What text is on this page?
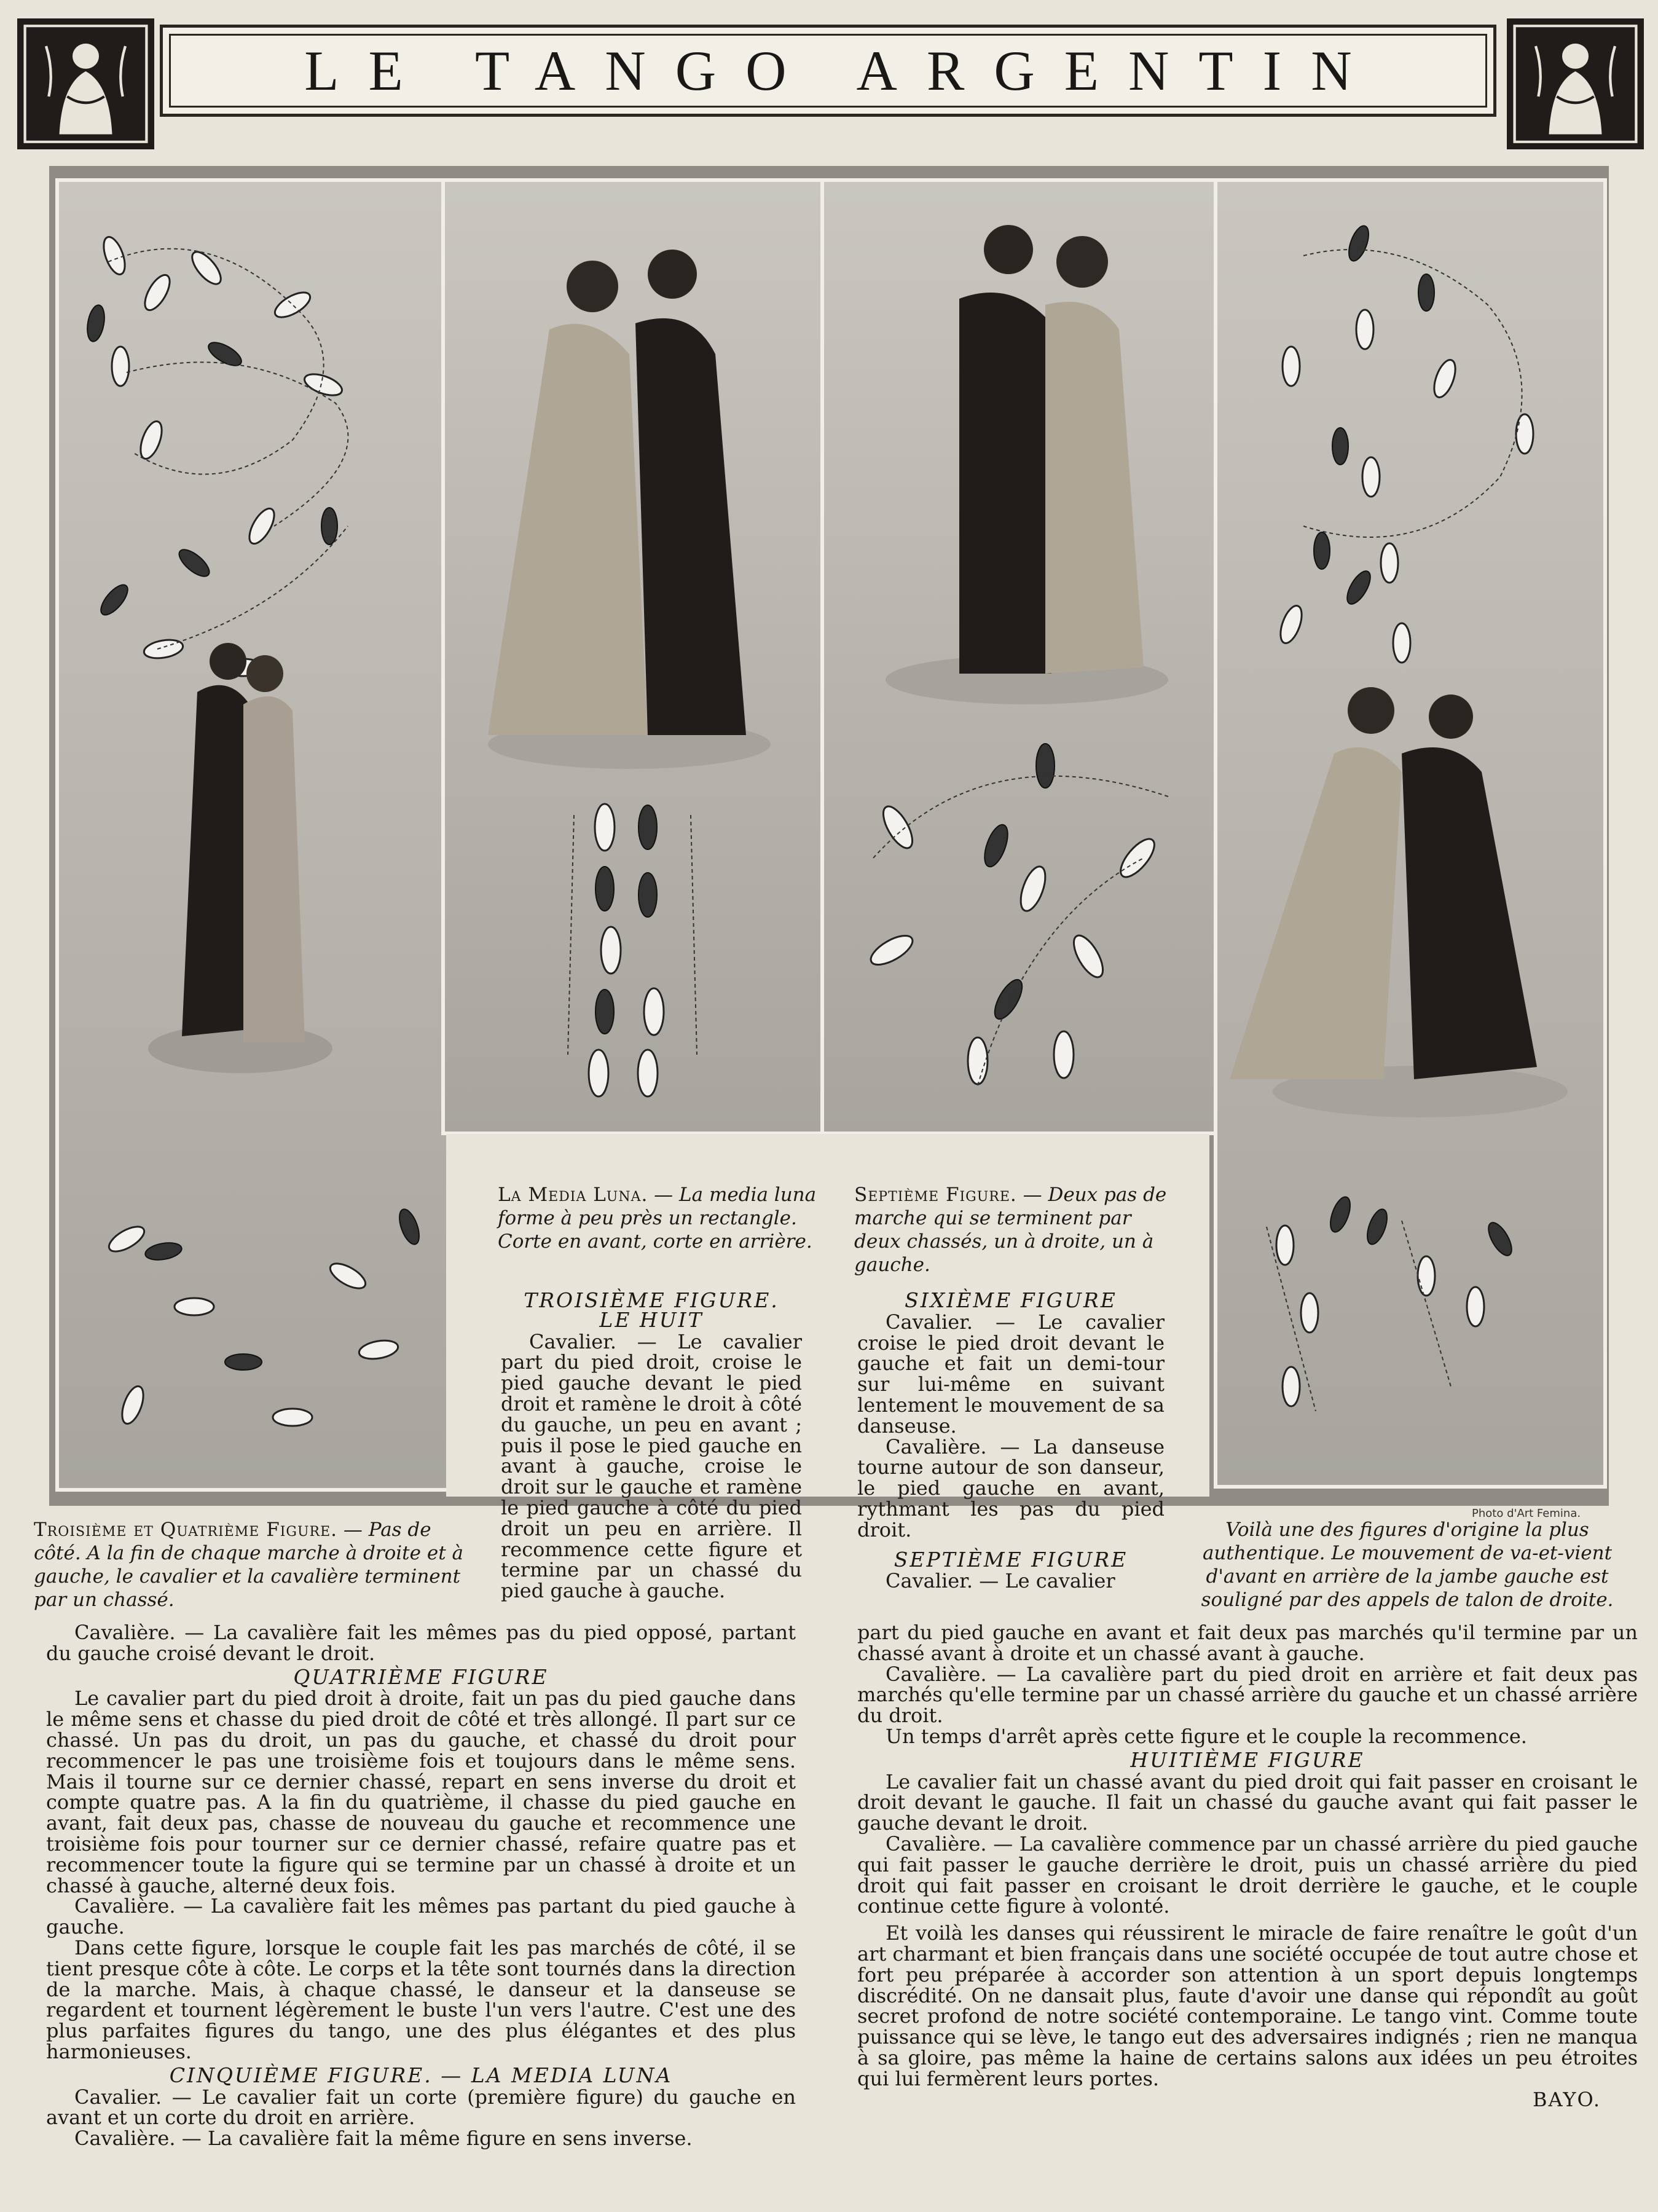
LE TANGO ARGENTIN
La Media Luna. — La media luna forme à peu près un rectangle. Corte en avant, corte en arrière.
Septième Figure. — Deux pas de marche qui se terminent par deux chassés, un à droite, un à gauche.
TROISIÈME FIGURE.
LE HUIT

Cavalier. — Le cavalier part du pied droit, croise le pied gauche devant le pied droit et ramène le droit à côté du gauche, un peu en avant ; puis il pose le pied gauche en avant à gauche, croise le droit sur le gauche et ramène le pied gauche à côté du pied droit un peu en arrière. Il recommence cette figure et termine par un chassé du pied gauche à gauche.

SIXIÈME FIGURE

Cavalier. — Le cavalier croise le pied droit devant le gauche et fait un demi-tour sur lui-même en suivant lentement le mouvement de sa danseuse.

Cavalière. — La danseuse tourne autour de son danseur, le pied gauche en avant, rythmant les pas du pied droit.

SEPTIÈME FIGURE

Cavalier. — Le cavalier

Troisième et Quatrième Figure. — Pas de côté. A la fin de chaque marche à droite et à gauche, le cavalier et la cavalière terminent par un chassé.
Photo d'Art Femina.
Voilà une des figures d'origine la plus authentique. Le mouvement de va-et-vient d'avant en arrière de la jambe gauche est souligné par des appels de talon de droite.

Cavalière. — La cavalière fait les mêmes pas du pied opposé, partant du gauche croisé devant le droit.

QUATRIÈME FIGURE

Le cavalier part du pied droit à droite, fait un pas du pied gauche dans le même sens et chasse du pied droit de côté et très allongé. Il part sur ce chassé. Un pas du droit, un pas du gauche, et chassé du droit pour recommencer le pas une troisième fois et toujours dans le même sens. Mais il tourne sur ce dernier chassé, repart en sens inverse du droit et compte quatre pas. A la fin du quatrième, il chasse du pied gauche en avant, fait deux pas, chasse de nouveau du gauche et recommence une troisième fois pour tourner sur ce dernier chassé, refaire quatre pas et recommencer toute la figure qui se termine par un chassé à droite et un chassé à gauche, alterné deux fois.

Cavalière. — La cavalière fait les mêmes pas partant du pied gauche à gauche.

Dans cette figure, lorsque le couple fait les pas marchés de côté, il se tient presque côte à côte. Le corps et la tête sont tournés dans la direction de la marche. Mais, à chaque chassé, le danseur et la danseuse se regardent et tournent légèrement le buste l'un vers l'autre. C'est une des plus parfaites figures du tango, une des plus élégantes et des plus harmonieuses.

CINQUIÈME FIGURE. — LA MEDIA LUNA

Cavalier. — Le cavalier fait un corte (première figure) du gauche en avant et un corte du droit en arrière.

Cavalière. — La cavalière fait la même figure en sens inverse.

part du pied gauche en avant et fait deux pas marchés qu'il termine par un chassé avant à droite et un chassé avant à gauche.

Cavalière. — La cavalière part du pied droit en arrière et fait deux pas marchés qu'elle termine par un chassé arrière du gauche et un chassé arrière du droit.

Un temps d'arrêt après cette figure et le couple la recommence.

HUITIÈME FIGURE

Le cavalier fait un chassé avant du pied droit qui fait passer en croisant le droit devant le gauche. Il fait un chassé du gauche avant qui fait passer le gauche devant le droit.

Cavalière. — La cavalière commence par un chassé arrière du pied gauche qui fait passer le gauche derrière le droit, puis un chassé arrière du pied droit qui fait passer en croisant le droit derrière le gauche, et le couple continue cette figure à volonté.

Et voilà les danses qui réussirent le miracle de faire renaître le goût d'un art charmant et bien français dans une société occupée de tout autre chose et fort peu préparée à accorder son attention à un sport depuis longtemps discrédité. On ne dansait plus, faute d'avoir une danse qui répondît au goût secret profond de notre société contemporaine. Le tango vint. Comme toute puissance qui se lève, le tango eut des adversaires indignés ; rien ne manqua à sa gloire, pas même la haine de certains salons aux idées un peu étroites qui lui fermèrent leurs portes.

BAYO.
